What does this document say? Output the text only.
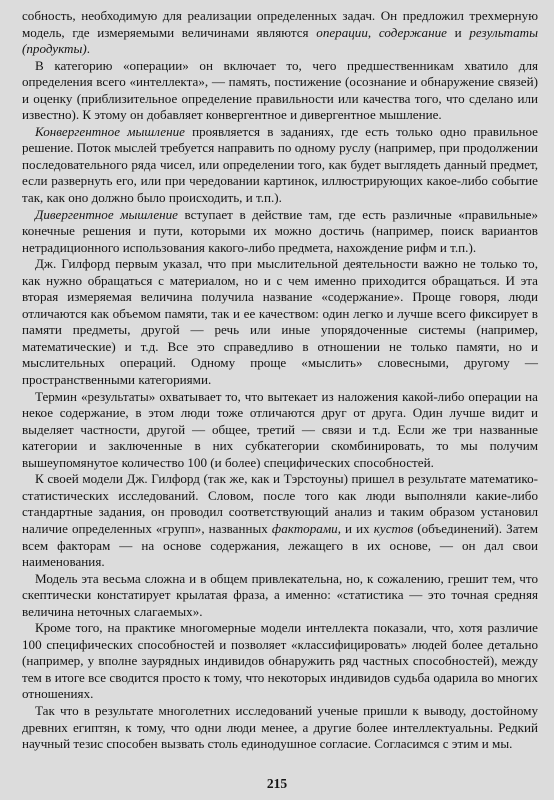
собность, необходимую для реализации определенных задач. Он предложил трехмерную модель, где измеряемыми величинами являются операции, содержание и результаты (продукты).

В категорию «операции» он включает то, чего предшественникам хватило для определения всего «интеллекта», — память, постижение (осознание и обнаружение связей) и оценку (приблизительное определение правильности или качества того, что сделано или известно). К этому он добавляет конвергентное и дивергентное мышление.

Конвергентное мышление проявляется в заданиях, где есть только одно правильное решение. Поток мыслей требуется направить по одному руслу (например, при продолжении последовательного ряда чисел, или определении того, как будет выглядеть данный предмет, если развернуть его, или при чередовании картинок, иллюстрирующих какое-либо событие так, как оно должно было происходить, и т.п.).

Дивергентное мышление вступает в действие там, где есть различные «правильные» конечные решения и пути, которыми их можно достичь (например, поиск вариантов нетрадиционного использования какого-либо предмета, нахождение рифм и т.п.).

Дж. Гилфорд первым указал, что при мыслительной деятельности важно не только то, как нужно обращаться с материалом, но и с чем именно приходится обращаться. И эта вторая измеряемая величина получила название «содержание». Проще говоря, люди отличаются как объемом памяти, так и ее качеством: один легко и лучше всего фиксирует в памяти предметы, другой — речь или иные упорядоченные системы (например, математические) и т.д. Все это справедливо в отношении не только памяти, но и мыслительных операций. Одному проще «мыслить» словесными, другому — пространственными категориями.

Термин «результаты» охватывает то, что вытекает из наложения какой-либо операции на некое содержание, в этом люди тоже отличаются друг от друга. Один лучше видит и выделяет частности, другой — общее, третий — связи и т.д. Если же три названные категории и заключенные в них субкатегории скомбинировать, то мы получим вышеупомянутое количество 100 (и более) специфических способностей.

К своей модели Дж. Гилфорд (так же, как и Тэрстоуны) пришел в результате математико-статистических исследований. Словом, после того как люди выполняли какие-либо стандартные задания, он проводил соответствующий анализ и таким образом установил наличие определенных «групп», названных факторами, и их кустов (объединений). Затем всем факторам — на основе содержания, лежащего в их основе, — он дал свои наименования.

Модель эта весьма сложна и в общем привлекательна, но, к сожалению, грешит тем, что скептически констатирует крылатая фраза, а именно: «статистика — это точная средняя величина неточных слагаемых».

Кроме того, на практике многомерные модели интеллекта показали, что, хотя различие 100 специфических способностей и позволяет «классифицировать» людей более детально (например, у вполне заурядных индивидов обнаружить ряд частных способностей), между тем в итоге все сводится просто к тому, что некоторых индивидов судьба одарила во многих отношениях.

Так что в результате многолетних исследований ученые пришли к выводу, достойному древних египтян, к тому, что одни люди менее, а другие более интеллектуальны. Редкий научный тезис способен вызвать столь единодушное согласие. Согласимся с этим и мы.

215
